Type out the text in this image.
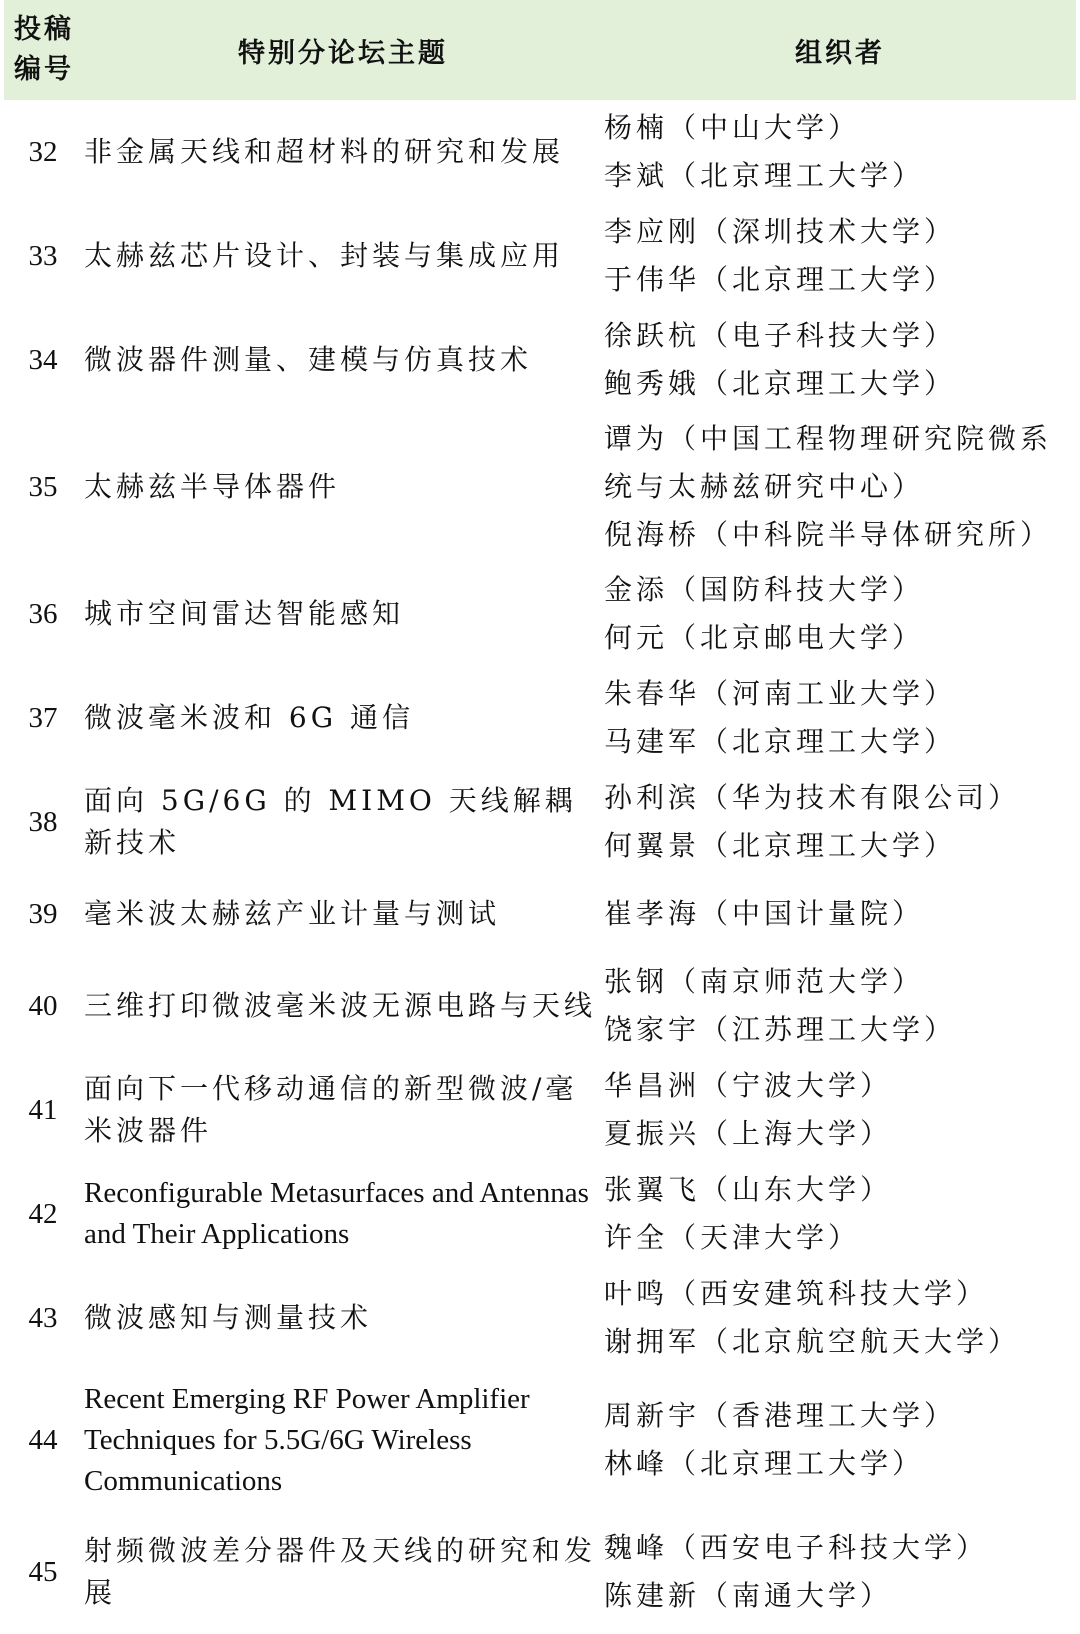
投稿
编号	特别分论坛主题	组织者
32	非金属天线和超材料的研究和发展	杨楠（中山大学）
李斌（北京理工大学）

33	太赫兹芯片设计、封装与集成应用	李应刚（深圳技术大学）
于伟华（北京理工大学）

34	微波器件测量、建模与仿真技术	徐跃杭（电子科技大学）
鲍秀娥（北京理工大学）

35	太赫兹半导体器件	谭为（中国工程物理研究院微系
统与太赫兹研究中心）
倪海桥（中科院半导体研究所）

36	城市空间雷达智能感知	金添（国防科技大学）
何元（北京邮电大学）

37	微波毫米波和 6G 通信	朱春华（河南工业大学）
马建军（北京理工大学）

38	面向 5G/6G 的 MIMO 天线解耦新技术	孙利滨（华为技术有限公司）
何翼景（北京理工大学）

39	毫米波太赫兹产业计量与测试	崔孝海（中国计量院）

40	三维打印微波毫米波无源电路与天线	张钢（南京师范大学）
饶家宇（江苏理工大学）

41	面向下一代移动通信的新型微波/毫米波器件	华昌洲（宁波大学）
夏振兴（上海大学）

42	Reconfigurable Metasurfaces and Antennas and Their Applications	张翼飞（山东大学）
许全（天津大学）

43	微波感知与测量技术	叶鸣（西安建筑科技大学）
谢拥军（北京航空航天大学）

44	Recent Emerging RF Power Amplifier Techniques for 5.5G/6G Wireless Communications	周新宇（香港理工大学）
林峰（北京理工大学）

45	射频微波差分器件及天线的研究和发展	魏峰（西安电子科技大学）
陈建新（南通大学）
